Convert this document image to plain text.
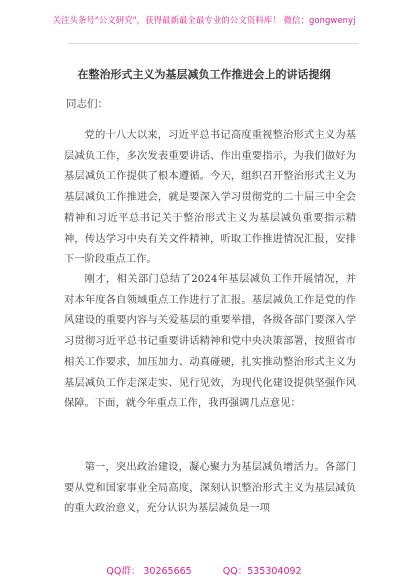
关注头条号"公文研究"，获得最新最全最专业的公文资料库！ 微信：gongwenyj
在整治形式主义为基层减负工作推进会上的讲话提纲
同志们：
党的十八大以来，习近平总书记高度重视整治形式主义为基层减负工作，多次发表重要讲话、作出重要指示，为我们做好为基层减负工作提供了根本遵循。今天，组织召开整治形式主义为基层减负工作推进会，就是要深入学习贯彻党的二十届三中全会精神和习近平总书记关于整治形式主义为基层减负重要指示精神，传达学习中央有关文件精神，听取工作推进情况汇报，安排下一阶段重点工作。
刚才，相关部门总结了2024年基层减负工作开展情况，并对本年度各自领域重点工作进行了汇报。基层减负工作是党的作风建设的重要内容与关爱基层的重要举措，各级各部门要深入学习贯彻习近平总书记重要讲话精神和党中央决策部署，按照省市相关工作要求，加压加力、动真碰硬，扎实推动整治形式主义为基层减负工作走深走实、见行见效，为现代化建设提供坚强作风保障。下面，就今年重点工作，我再强调几点意见：
第一，突出政治建设，凝心聚力为基层减负增活力。各部门要从党和国家事业全局高度，深刻认识整治形式主义为基层减负的重大政治意义，充分认识为基层减负是一项
QQ群： 30265665	QQ：535304092
